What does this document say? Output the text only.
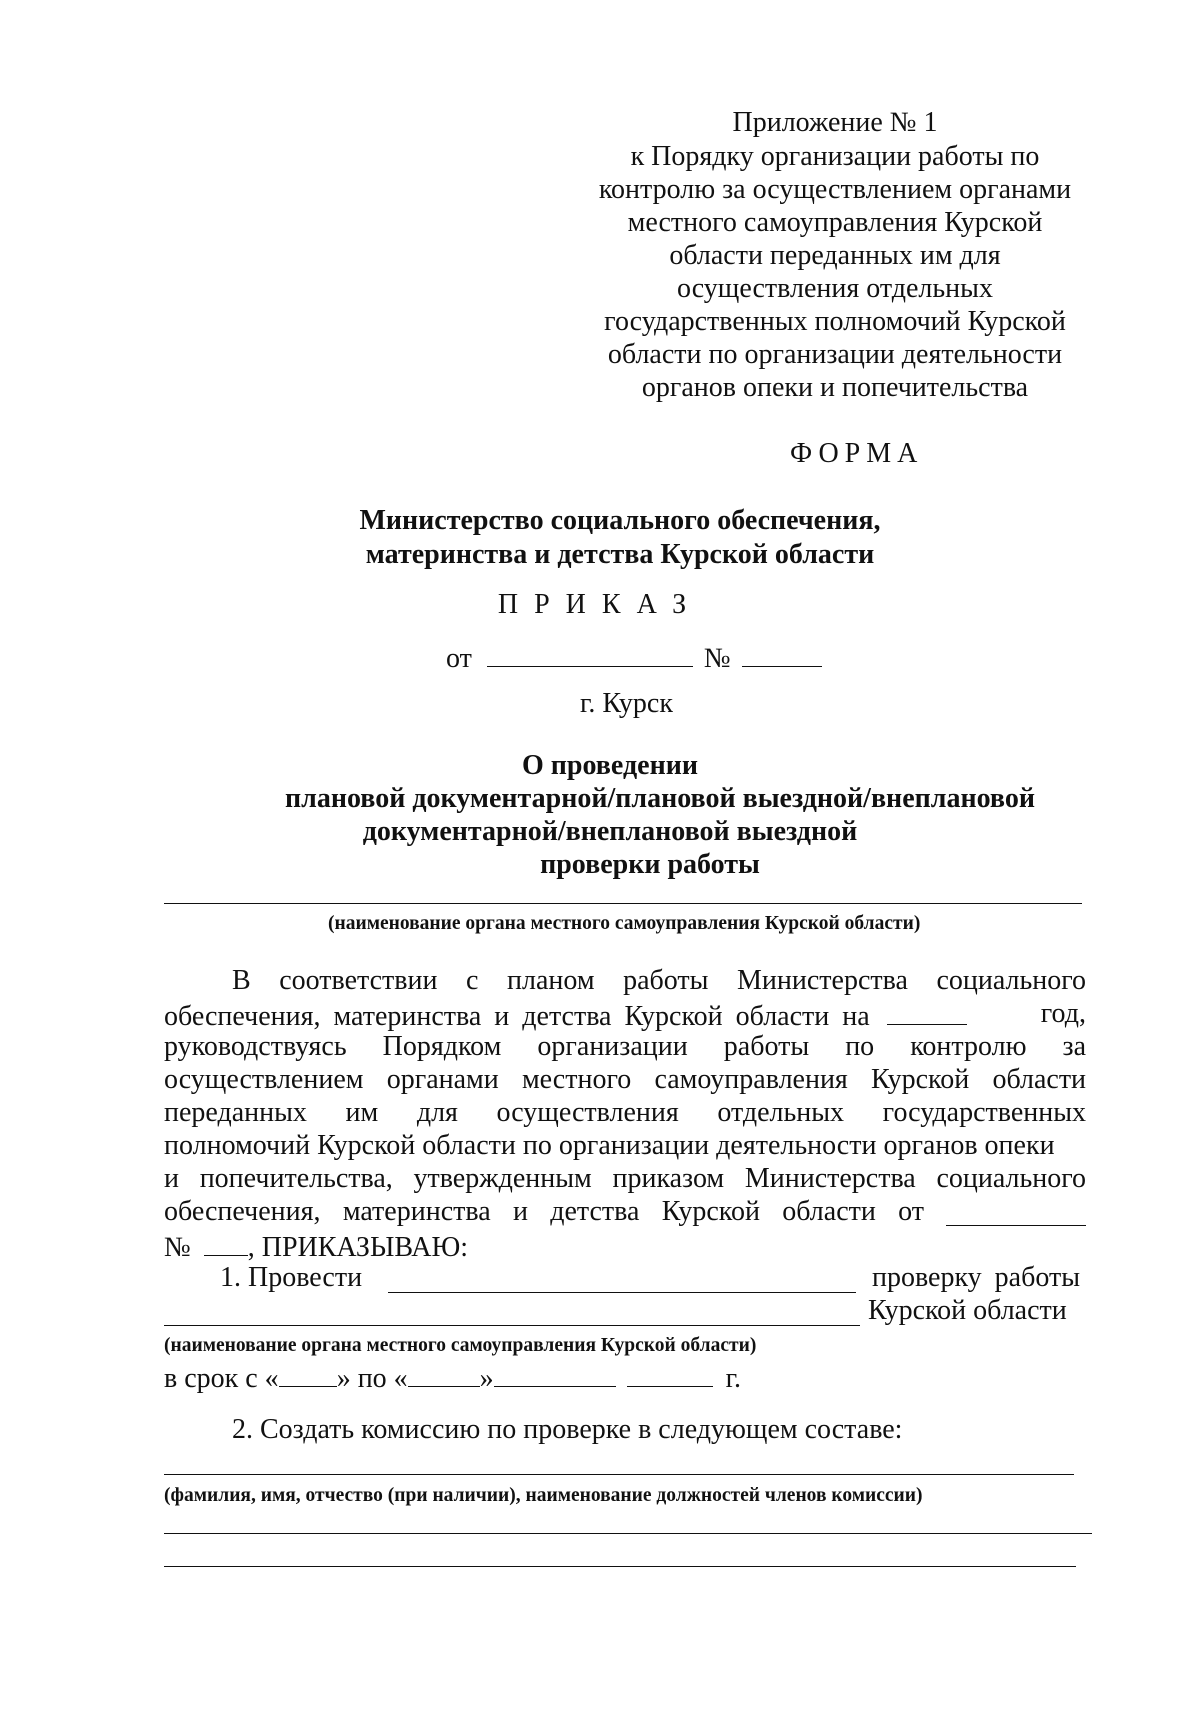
Приложение № 1
к Порядку организации работы по
контролю за осуществлением органами
местного самоуправления Курской
области переданных им для
осуществления отдельных
государственных полномочий Курской
области по организации деятельности
органов опеки и попечительства
ФОРМА
Министерство социального обеспечения,
материнства и детства Курской области
ПРИКАЗ
от	№
г. Курск
О проведении
плановой документарной/плановой выездной/внеплановой
документарной/внеплановой выездной
проверки работы
(наименование органа местного самоуправления Курской области)
В соответствии с планом работы Министерства социального
обеспечения, материнства и детства Курской области на	год,
руководствуясь Порядком организации работы по контролю за
осуществлением органами местного самоуправления Курской области
переданных им для осуществления отдельных государственных
полномочий Курской области по организации деятельности органов опеки
и попечительства, утвержденным приказом Министерства социального
обеспечения, материнства и детства Курской области от
№ , ПРИКАЗЫВАЮ:
1. Провести	проверку работы
Курской области
(наименование органа местного самоуправления Курской области)
в срок с « » по «	»	г.
2. Создать комиссию по проверке в следующем составе:
(фамилия, имя, отчество (при наличии), наименование должностей членов комиссии)
